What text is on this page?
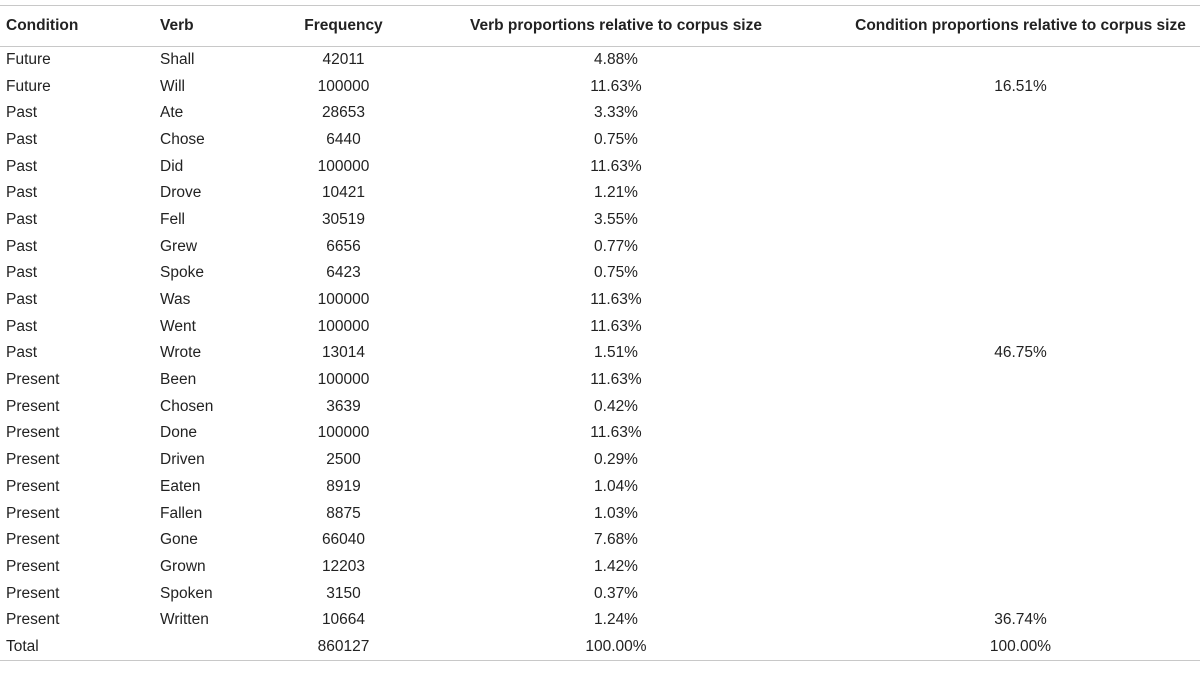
Condition	Verb	Frequency	Verb proportions relative to corpus size	Condition proportions relative to corpus size
Future	Shall	42011	4.88%	
Future	Will	100000	11.63%	16.51%
Past	Ate	28653	3.33%	
Past	Chose	6440	0.75%	
Past	Did	100000	11.63%	
Past	Drove	10421	1.21%	
Past	Fell	30519	3.55%	
Past	Grew	6656	0.77%	
Past	Spoke	6423	0.75%	
Past	Was	100000	11.63%	
Past	Went	100000	11.63%	
Past	Wrote	13014	1.51%	46.75%
Present	Been	100000	11.63%	
Present	Chosen	3639	0.42%	
Present	Done	100000	11.63%	
Present	Driven	2500	0.29%	
Present	Eaten	8919	1.04%	
Present	Fallen	8875	1.03%	
Present	Gone	66040	7.68%	
Present	Grown	12203	1.42%	
Present	Spoken	3150	0.37%	
Present	Written	10664	1.24%	36.74%
Total		860127	100.00%	100.00%
